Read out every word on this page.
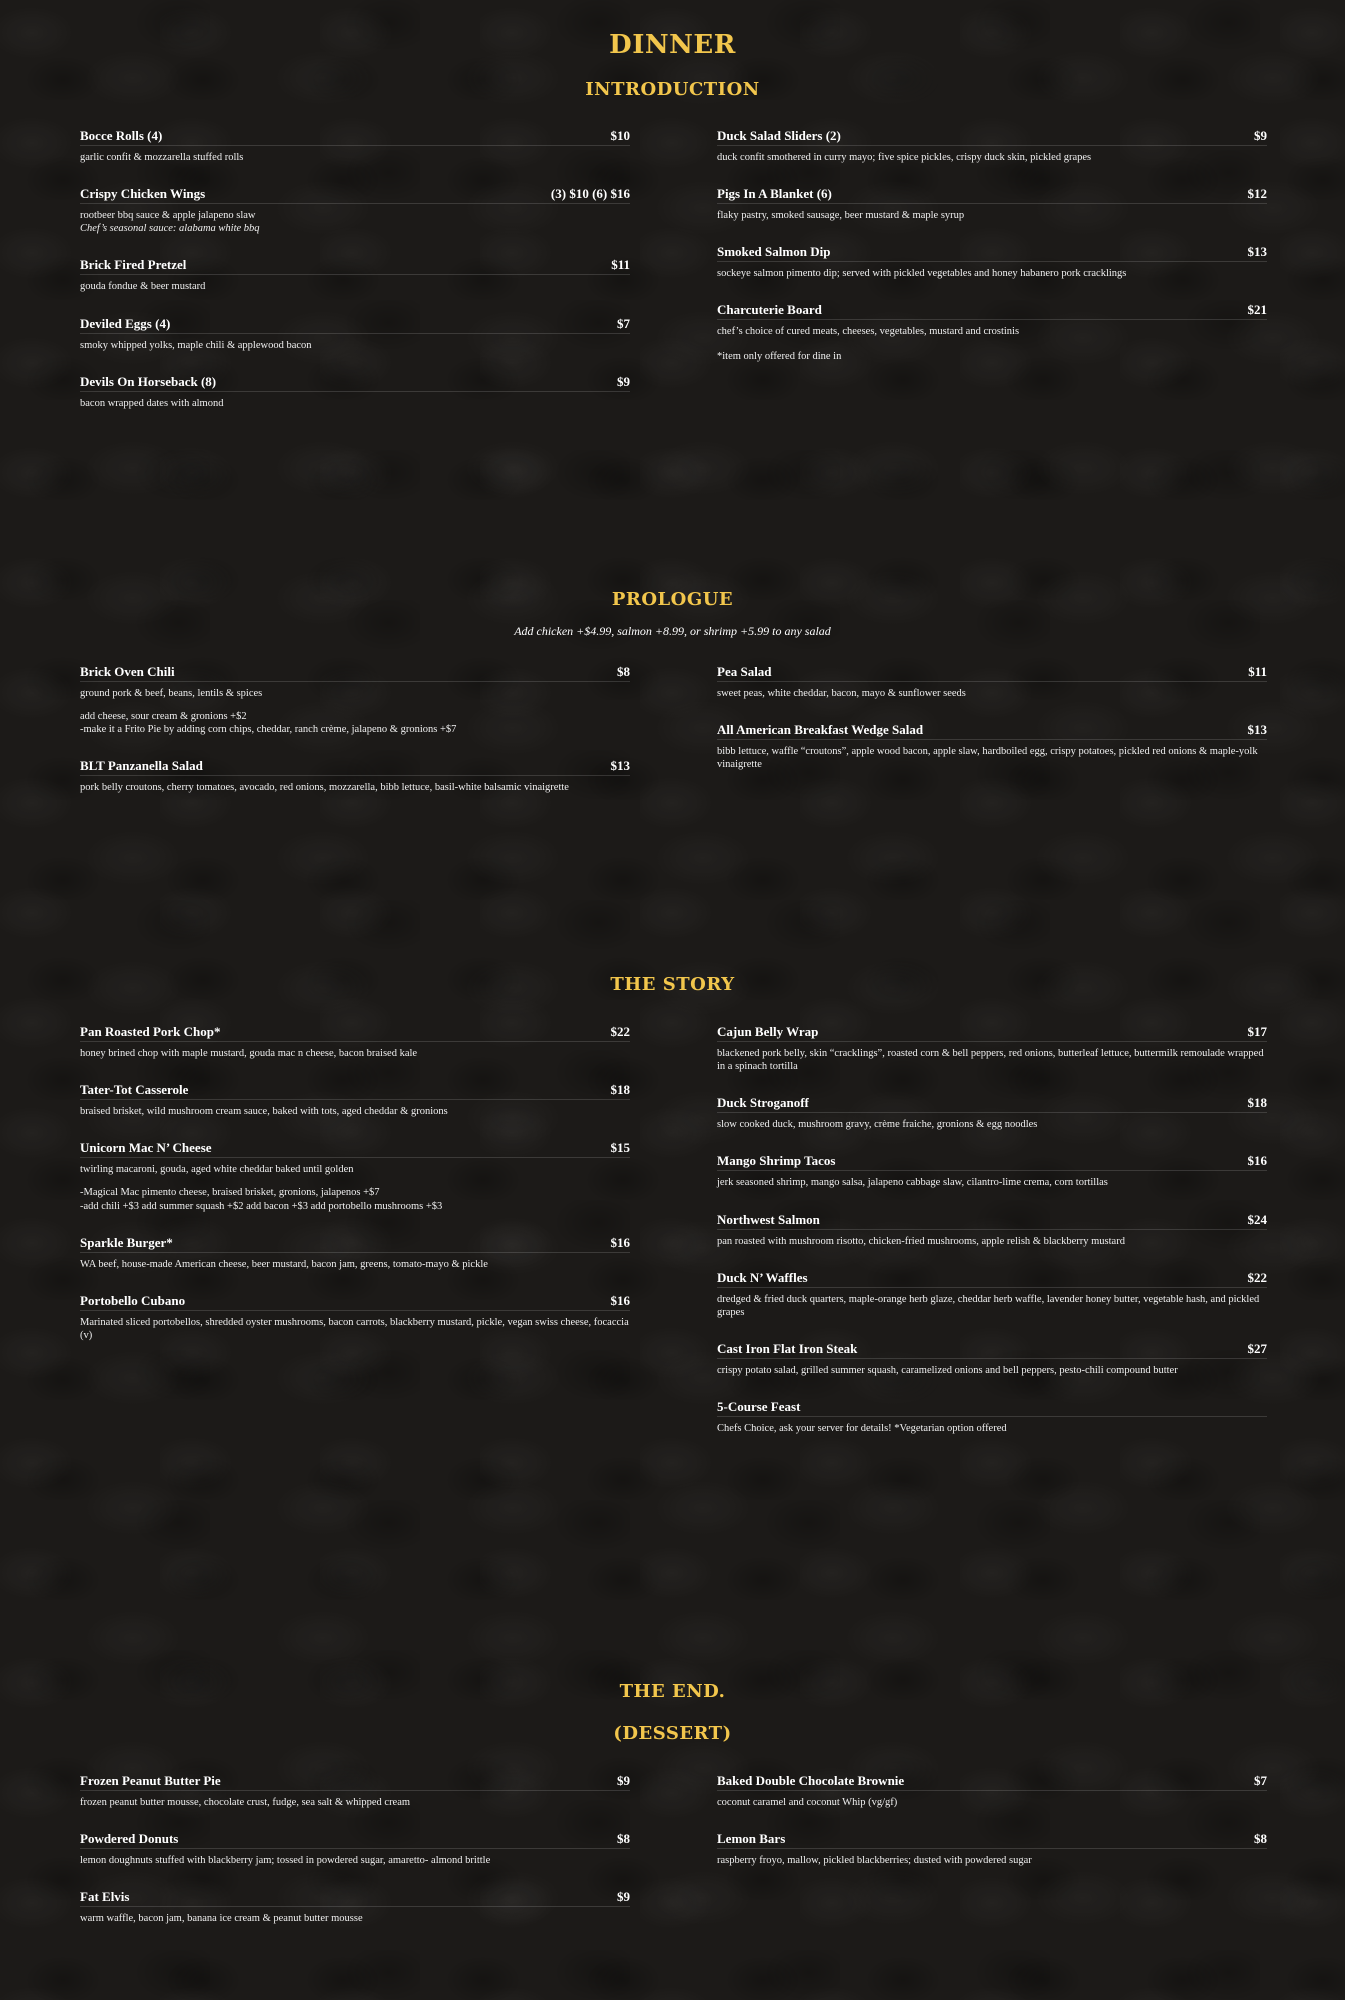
DINNER
INTRODUCTION
Bocce Rolls (4)	$10
garlic confit & mozzarella stuffed rolls
Crispy Chicken Wings	(3) $10 (6) $16
rootbeer bbq sauce & apple jalapeno slaw
Chef’s seasonal sauce: alabama white bbq
Brick Fired Pretzel	$11
gouda fondue & beer mustard
Deviled Eggs (4)	$7
smoky whipped yolks, maple chili & applewood bacon
Devils On Horseback (8)	$9
bacon wrapped dates with almond
Duck Salad Sliders (2)	$9
duck confit smothered in curry mayo; five spice pickles, crispy duck skin, pickled grapes
Pigs In A Blanket (6)	$12
flaky pastry, smoked sausage, beer mustard & maple syrup
Smoked Salmon Dip	$13
sockeye salmon pimento dip; served with pickled vegetables and honey habanero pork cracklings
Charcuterie Board	$21
chef’s choice of cured meats, cheeses, vegetables, mustard and crostinis
*item only offered for dine in
PROLOGUE
Add chicken +$4.99, salmon +8.99, or shrimp +5.99 to any salad
Brick Oven Chili	$8
ground pork & beef, beans, lentils & spices
add cheese, sour cream & gronions +$2
-make it a Frito Pie by adding corn chips, cheddar, ranch crème, jalapeno & gronions +$7
BLT Panzanella Salad	$13
pork belly croutons, cherry tomatoes, avocado, red onions, mozzarella, bibb lettuce, basil-white balsamic vinaigrette
Pea Salad	$11
sweet peas, white cheddar, bacon, mayo & sunflower seeds
All American Breakfast Wedge Salad	$13
bibb lettuce, waffle “croutons”, apple wood bacon, apple slaw, hardboiled egg, crispy potatoes, pickled red onions & maple-yolk vinaigrette
THE STORY
Pan Roasted Pork Chop*	$22
honey brined chop with maple mustard, gouda mac n cheese, bacon braised kale
Tater-Tot Casserole	$18
braised brisket, wild mushroom cream sauce, baked with tots, aged cheddar & gronions
Unicorn Mac N’ Cheese	$15
twirling macaroni, gouda, aged white cheddar baked until golden
-Magical Mac pimento cheese, braised brisket, gronions, jalapenos +$7
-add chili +$3 add summer squash +$2 add bacon +$3 add portobello mushrooms +$3
Sparkle Burger*	$16
WA beef, house-made American cheese, beer mustard, bacon jam, greens, tomato-mayo & pickle
Portobello Cubano	$16
Marinated sliced portobellos, shredded oyster mushrooms, bacon carrots, blackberry mustard, pickle, vegan swiss cheese, focaccia (v)
Cajun Belly Wrap	$17
blackened pork belly, skin “cracklings”, roasted corn & bell peppers, red onions, butterleaf lettuce, buttermilk remoulade wrapped in a spinach tortilla
Duck Stroganoff	$18
slow cooked duck, mushroom gravy, crème fraiche, gronions & egg noodles
Mango Shrimp Tacos	$16
jerk seasoned shrimp, mango salsa, jalapeno cabbage slaw, cilantro-lime crema, corn tortillas
Northwest Salmon	$24
pan roasted with mushroom risotto, chicken-fried mushrooms, apple relish & blackberry mustard
Duck N’ Waffles	$22
dredged & fried duck quarters, maple-orange herb glaze, cheddar herb waffle, lavender honey butter, vegetable hash, and pickled grapes
Cast Iron Flat Iron Steak	$27
crispy potato salad, grilled summer squash, caramelized onions and bell peppers, pesto-chili compound butter
5-Course Feast
Chefs Choice, ask your server for details! *Vegetarian option offered
THE END.
(DESSERT)
Frozen Peanut Butter Pie	$9
frozen peanut butter mousse, chocolate crust, fudge, sea salt & whipped cream
Powdered Donuts	$8
lemon doughnuts stuffed with blackberry jam; tossed in powdered sugar, amaretto- almond brittle
Fat Elvis	$9
warm waffle, bacon jam, banana ice cream & peanut butter mousse
Baked Double Chocolate Brownie	$7
coconut caramel and coconut Whip (vg/gf)
Lemon Bars	$8
raspberry froyo, mallow, pickled blackberries; dusted with powdered sugar
